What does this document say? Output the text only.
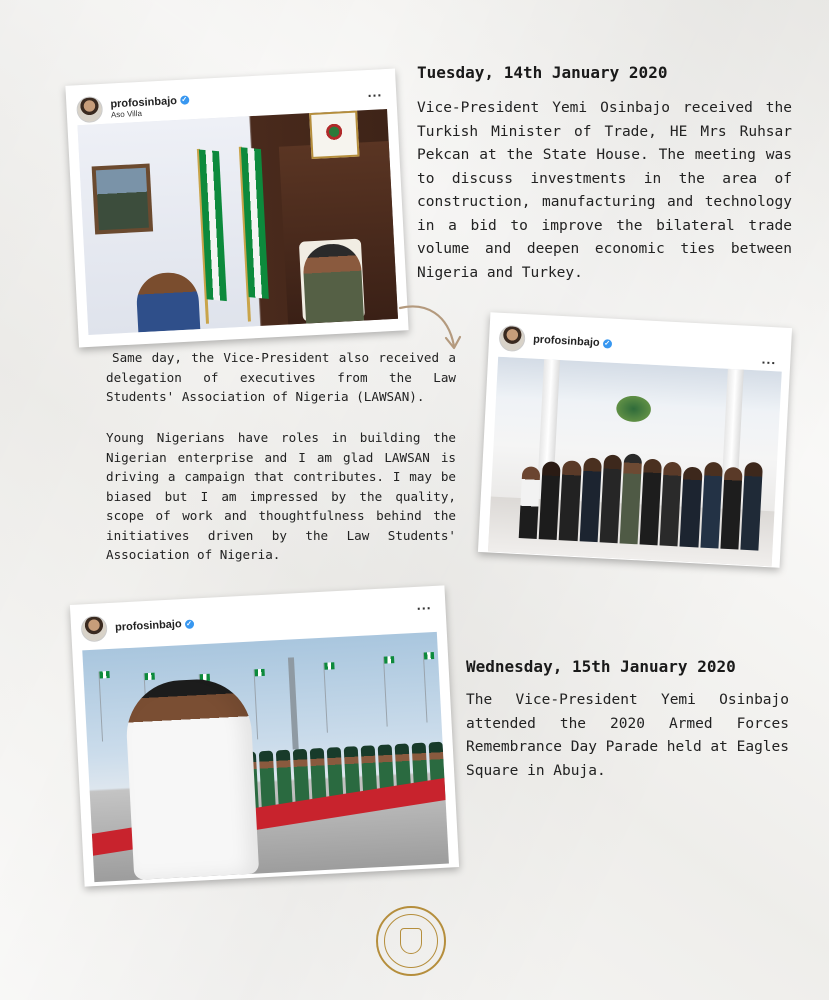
profosinbajo ✓
Aso Villa
...
Tuesday, 14th January 2020

Vice-President Yemi Osinbajo received the Turkish Minister of Trade, HE Mrs Ruhsar Pekcan at the State House. The meeting was to discuss investments in the area of construction, manufacturing and technology in a bid to improve the bilateral trade volume and deepen economic ties between Nigeria and Turkey.

Same day, the Vice-President also received a delegation of executives from the Law Students' Association of Nigeria (LAWSAN).

Young Nigerians have roles in building the Nigerian enterprise and I am glad LAWSAN is driving a campaign that contributes. I may be biased but I am impressed by the quality, scope of work and thoughtfulness behind the initiatives driven by the Law Students' Association of Nigeria.

profosinbajo ✓
...
profosinbajo ✓
...
Wednesday, 15th January 2020

The Vice-President Yemi Osinbajo attended the 2020 Armed Forces Remembrance Day Parade held at Eagles Square in Abuja.
